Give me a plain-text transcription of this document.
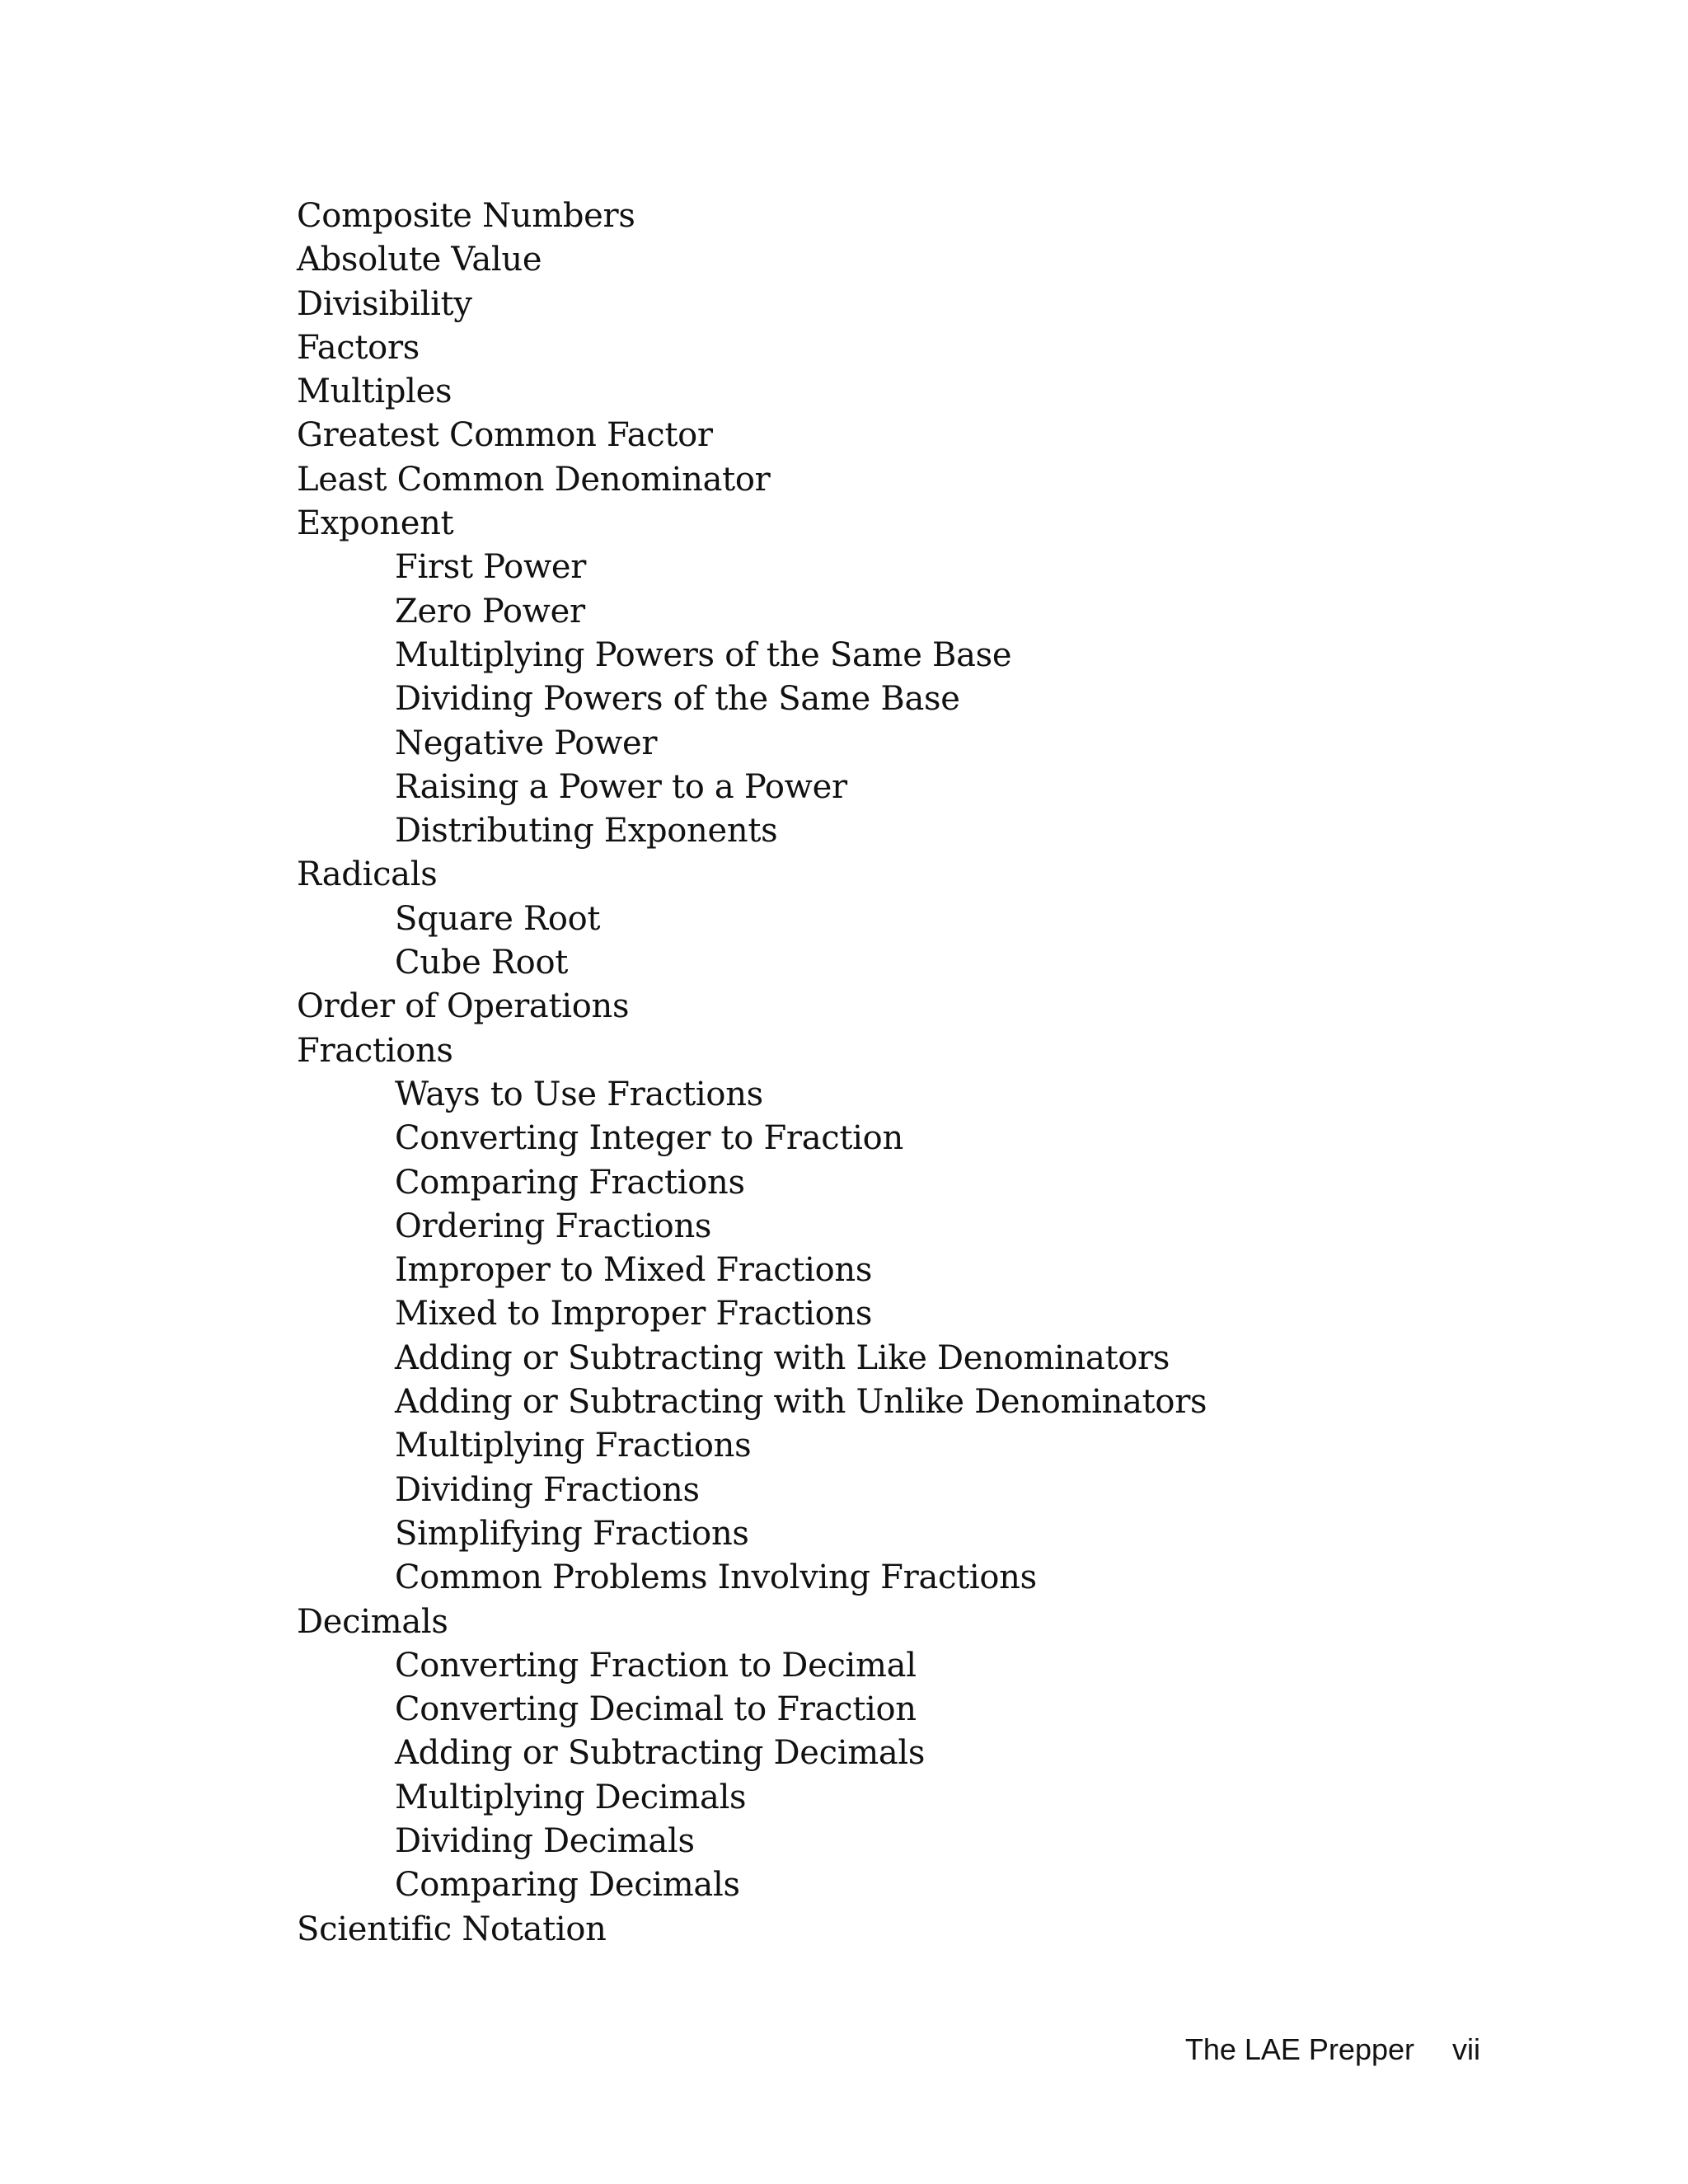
Composite Numbers
Absolute Value
Divisibility
Factors
Multiples
Greatest Common Factor
Least Common Denominator
Exponent
First Power
Zero Power
Multiplying Powers of the Same Base
Dividing Powers of the Same Base
Negative Power
Raising a Power to a Power
Distributing Exponents
Radicals
Square Root
Cube Root
Order of Operations
Fractions
Ways to Use Fractions
Converting Integer to Fraction
Comparing Fractions
Ordering Fractions
Improper to Mixed Fractions
Mixed to Improper Fractions
Adding or Subtracting with Like Denominators
Adding or Subtracting with Unlike Denominators
Multiplying Fractions
Dividing Fractions
Simplifying Fractions
Common Problems Involving Fractions
Decimals
Converting Fraction to Decimal
Converting Decimal to Fraction
Adding or Subtracting Decimals
Multiplying Decimals
Dividing Decimals
Comparing Decimals
Scientific Notation
The LAE Prepper vii
